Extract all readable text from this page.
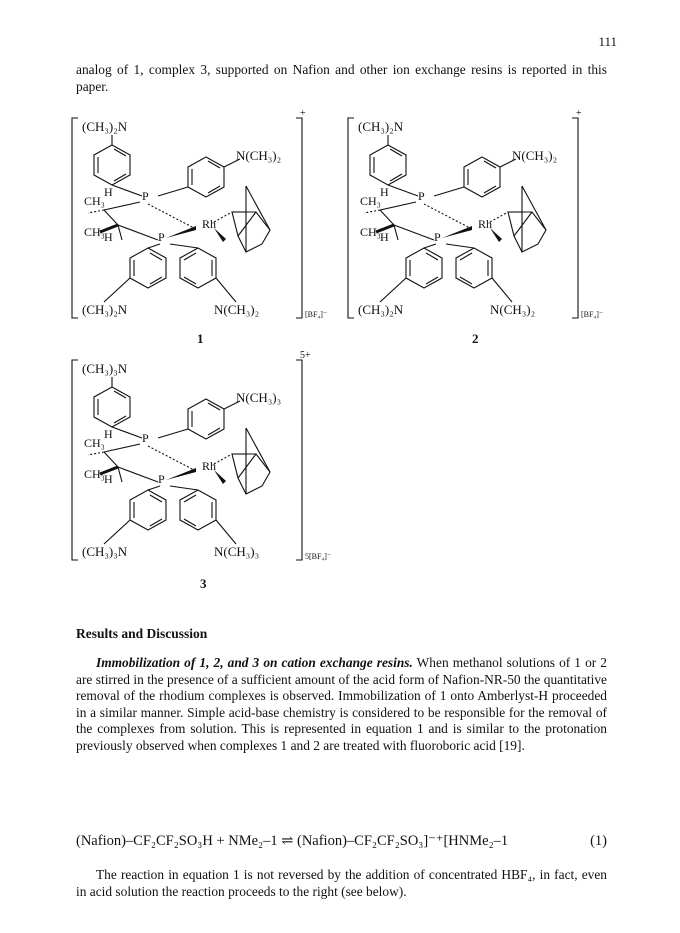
111

analog of 1, complex 3, supported on Nafion and other ion exchange resins is reported in this paper.

(CH₃)₂N
N(CH₃)₂
CH₃
H P
CH₃ H	P
Rh
(CH₃)₂N	N(CH₃)₂
+
[BF₄]⁻
(CH₃)₂N
N(CH₃)₂
CH₃
H P
CH₃ H	P
Rh
(CH₃)₂N	N(CH₃)₂
+
[BF₄]⁻
(CH₃)₃N
N(CH₃)₃
CH₃
H P
CH₃ H	P
Rh
(CH₃)₃N	N(CH₃)₃
5+
5[BF₄]⁻
1	2
3
Results and Discussion

Immobilization of 1, 2, and 3 on cation exchange resins. When methanol solutions of 1 or 2 are stirred in the presence of a sufficient amount of the acid form of Nafion-NR-50 the quantitative removal of the rhodium complexes is observed. Immobilization of 1 onto Amberlyst-H proceeded in a similar manner. Simple acid-base chemistry is considered to be responsible for the removal of the complexes from solution. This is represented in equation 1 and is similar to the protonation previously observed when complexes 1 and 2 are treated with fluoroboric acid [19].

(Nafion)–CF₂CF₂SO₃H + NMe₂–1 ⇌ (Nafion)–CF₂CF₂SO₃]⁻⁺[HNMe₂–1	(1)

The reaction in equation 1 is not reversed by the addition of concentrated HBF₄, in fact, even in acid solution the reaction proceeds to the right (see below).
